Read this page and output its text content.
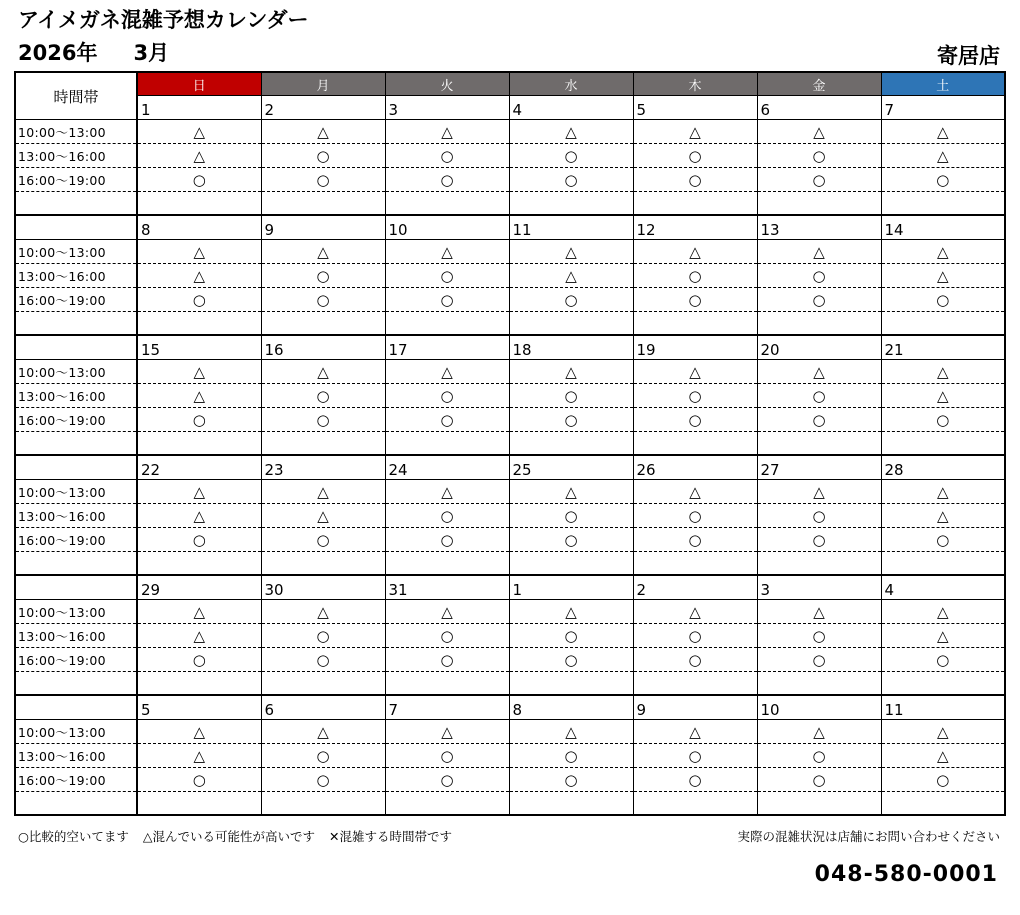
アイメガネ混雑予想カレンダー
2026年 3月	寄居店
時間帯	日	月	火	水	木	金	土
	1	2	3	4	5	6	7
10:00〜13:00	△	△	△	△	△	△	△
13:00〜16:00	△	○	○	○	○	○	△
16:00〜19:00	○	○	○	○	○	○	○

	8	9	10	11	12	13	14
10:00〜13:00	△	△	△	△	△	△	△
13:00〜16:00	△	○	○	△	○	○	△
16:00〜19:00	○	○	○	○	○	○	○

	15	16	17	18	19	20	21
10:00〜13:00	△	△	△	△	△	△	△
13:00〜16:00	△	○	○	○	○	○	△
16:00〜19:00	○	○	○	○	○	○	○

	22	23	24	25	26	27	28
10:00〜13:00	△	△	△	△	△	△	△
13:00〜16:00	△	△	○	○	○	○	△
16:00〜19:00	○	○	○	○	○	○	○

	29	30	31	1	2	3	4
10:00〜13:00	△	△	△	△	△	△	△
13:00〜16:00	△	○	○	○	○	○	△
16:00〜19:00	○	○	○	○	○	○	○

	5	6	7	8	9	10	11
10:00〜13:00	△	△	△	△	△	△	△
13:00〜16:00	△	○	○	○	○	○	△
16:00〜19:00	○	○	○	○	○	○	○

○比較的空いてます △混んでいる可能性が高いです ✕混雑する時間帯です	実際の混雑状況は店舗にお問い合わせください
048-580-0001
